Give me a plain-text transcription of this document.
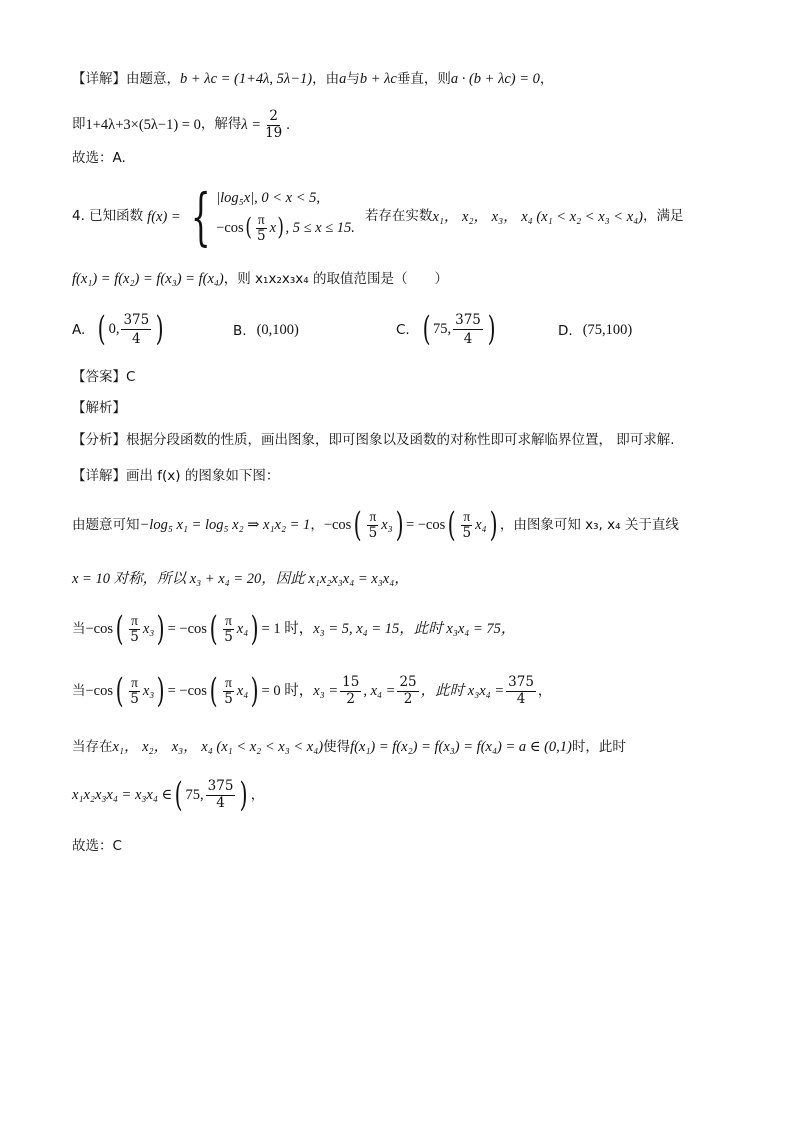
【详解】由题意， b + λc = (1+4λ, 5λ−1) ，由 a 与 b + λc 垂直，则 a · (b + λc) = 0 ，
即 1+4λ+3×(5λ−1) = 0 ，解得 $\lambda = \frac{2}{19}$ .
故选：A.
4. 已知函数 f(x) = { |log₅x|, 0 < x < 5,
−cos ( $\frac{\pi}{5}$ x ) , 5 ≤ x ≤ 15.
若存在实数 x₁， x₂， x₃， x₄ (x₁ < x₂ < x₃ < x₄) ，满足
f(x₁) = f(x₂) = f(x₃) = f(x₄) ，则 x₁x₂x₃x₄ 的取值范围是（　　）
A. ( 0, $\frac{375}{4}$ )	B. (0,100)	C. ( 75, $\frac{375}{4}$ )	D. (75,100)
【答案】C
【解析】
【分析】根据分段函数的性质，画出图象，即可图象以及函数的对称性即可求解临界位置， 即可求解.
【详解】画出 f(x) 的图象如下图：
由题意可知 −log₅ x₁ = log₅ x₂ ⇒ x₁x₂ = 1 ， −cos ( $\frac{\pi}{5} x_3$ ) = −cos ( $\frac{\pi}{5} x_4$ ) ，由图象可知 x₃, x₄ 关于直线
x = 10 对称，所以 x₃ + x₄ = 20，因此 x₁x₂x₃x₄ = x₃x₄，
当 −cos ( $\frac{\pi}{5} x_3$ ) = −cos ( $\frac{\pi}{5} x_4$ ) = 1 时， x₃ = 5, x₄ = 15，此时 x₃x₄ = 75，
当 −cos ( $\frac{\pi}{5} x_3$ ) = −cos ( $\frac{\pi}{5} x_4$ ) = 0 时， $x_3 = \frac{15}{2}$ , $x_4 = \frac{25}{2}$ ，此时 $x_3x_4 = \frac{375}{4}$ ，
当存在 x₁， x₂， x₃， x₄ (x₁ < x₂ < x₃ < x₄) 使得 f(x₁) = f(x₂) = f(x₃) = f(x₄) = a ∈ (0,1) 时，此时
x₁x₂x₃x₄ = x₃x₄ ∈ ( 75, $\frac{375}{4}$ ) ，
故选：C
